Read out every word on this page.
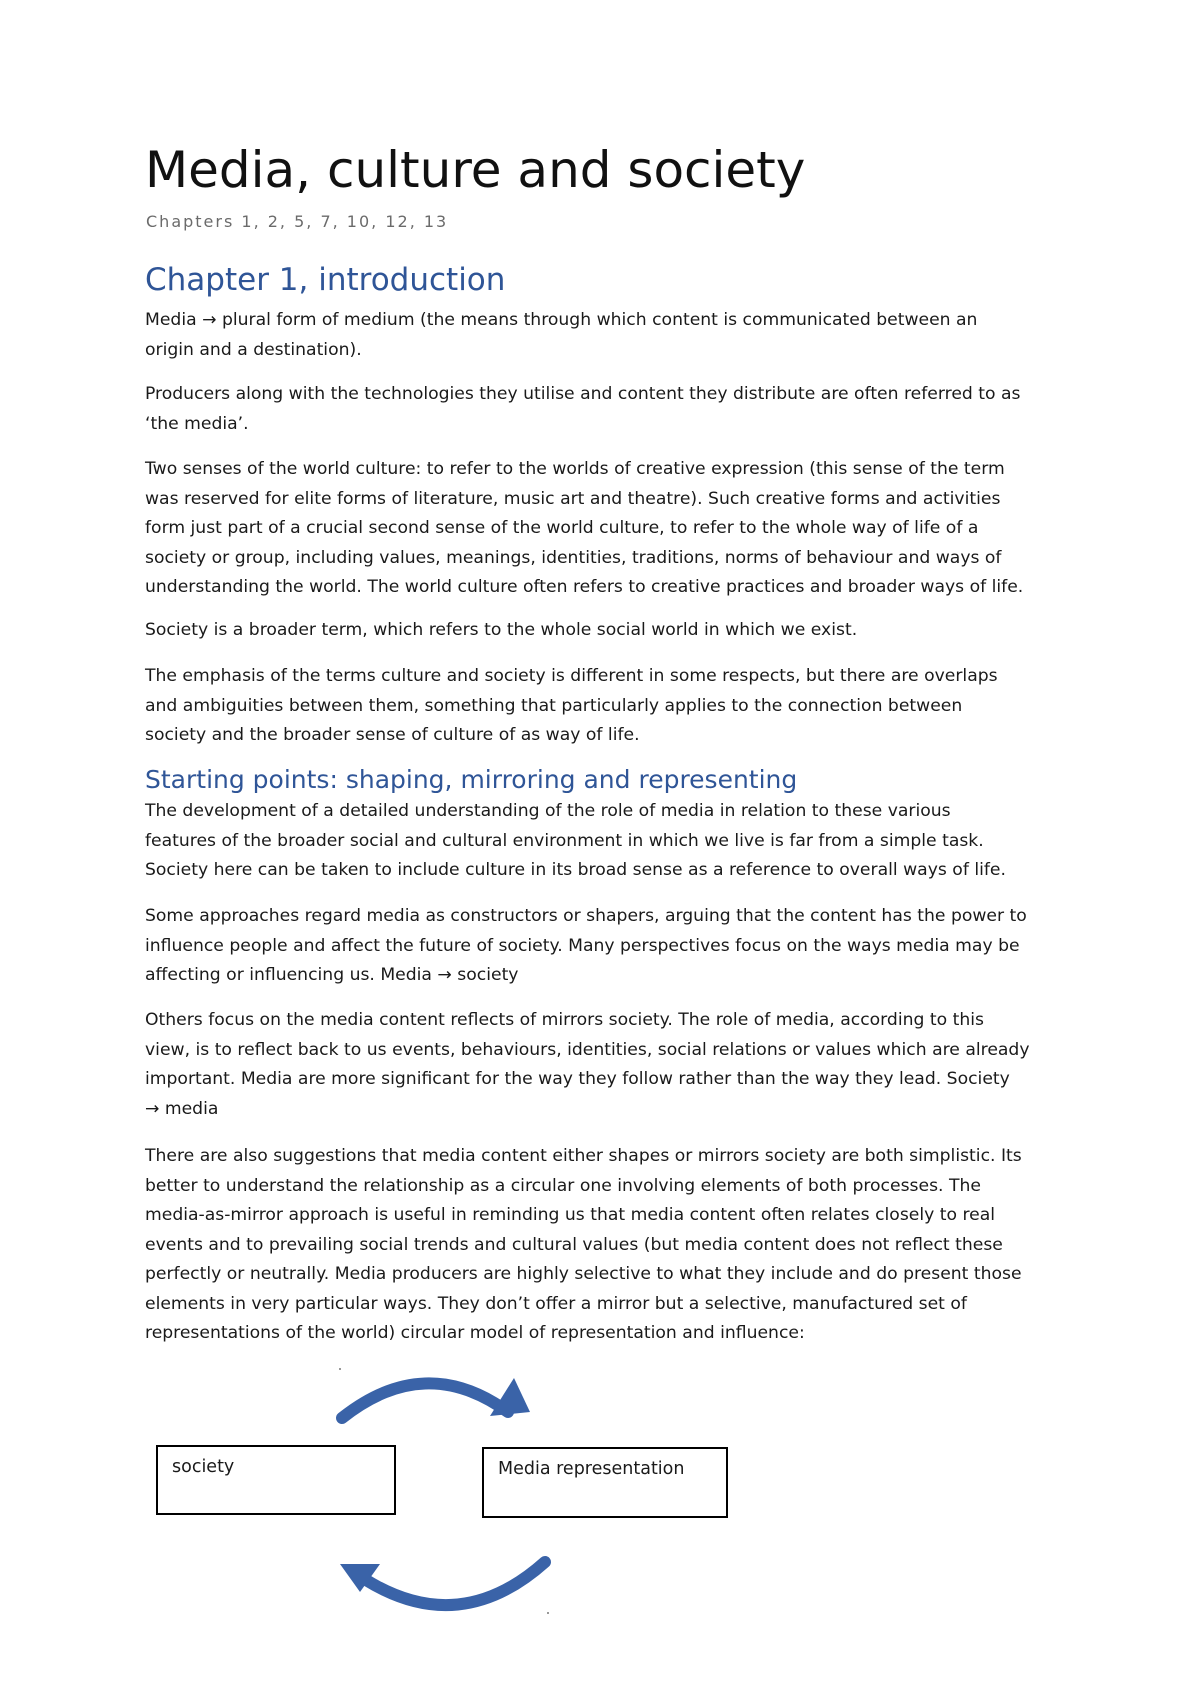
Media, culture and society
Chapters 1, 2, 5, 7, 10, 12, 13
Chapter 1, introduction
Media → plural form of medium (the means through which content is communicated between an
origin and a destination).
Producers along with the technologies they utilise and content they distribute are often referred to as
‘the media’.
Two senses of the world culture: to refer to the worlds of creative expression (this sense of the term
was reserved for elite forms of literature, music art and theatre). Such creative forms and activities
form just part of a crucial second sense of the world culture, to refer to the whole way of life of a
society or group, including values, meanings, identities, traditions, norms of behaviour and ways of
understanding the world. The world culture often refers to creative practices and broader ways of life.
Society is a broader term, which refers to the whole social world in which we exist.
The emphasis of the terms culture and society is different in some respects, but there are overlaps
and ambiguities between them, something that particularly applies to the connection between
society and the broader sense of culture of as way of life.
Starting points: shaping, mirroring and representing
The development of a detailed understanding of the role of media in relation to these various
features of the broader social and cultural environment in which we live is far from a simple task.
Society here can be taken to include culture in its broad sense as a reference to overall ways of life.
Some approaches regard media as constructors or shapers, arguing that the content has the power to
influence people and affect the future of society. Many perspectives focus on the ways media may be
affecting or influencing us. Media → society
Others focus on the media content reflects of mirrors society. The role of media, according to this
view, is to reflect back to us events, behaviours, identities, social relations or values which are already
important. Media are more significant for the way they follow rather than the way they lead. Society
→ media
There are also suggestions that media content either shapes or mirrors society are both simplistic. Its
better to understand the relationship as a circular one involving elements of both processes. The
media-as-mirror approach is useful in reminding us that media content often relates closely to real
events and to prevailing social trends and cultural values (but media content does not reflect these
perfectly or neutrally. Media producers are highly selective to what they include and do present those
elements in very particular ways. They don’t offer a mirror but a selective, manufactured set of
representations of the world) circular model of representation and influence:
society	Media representation
